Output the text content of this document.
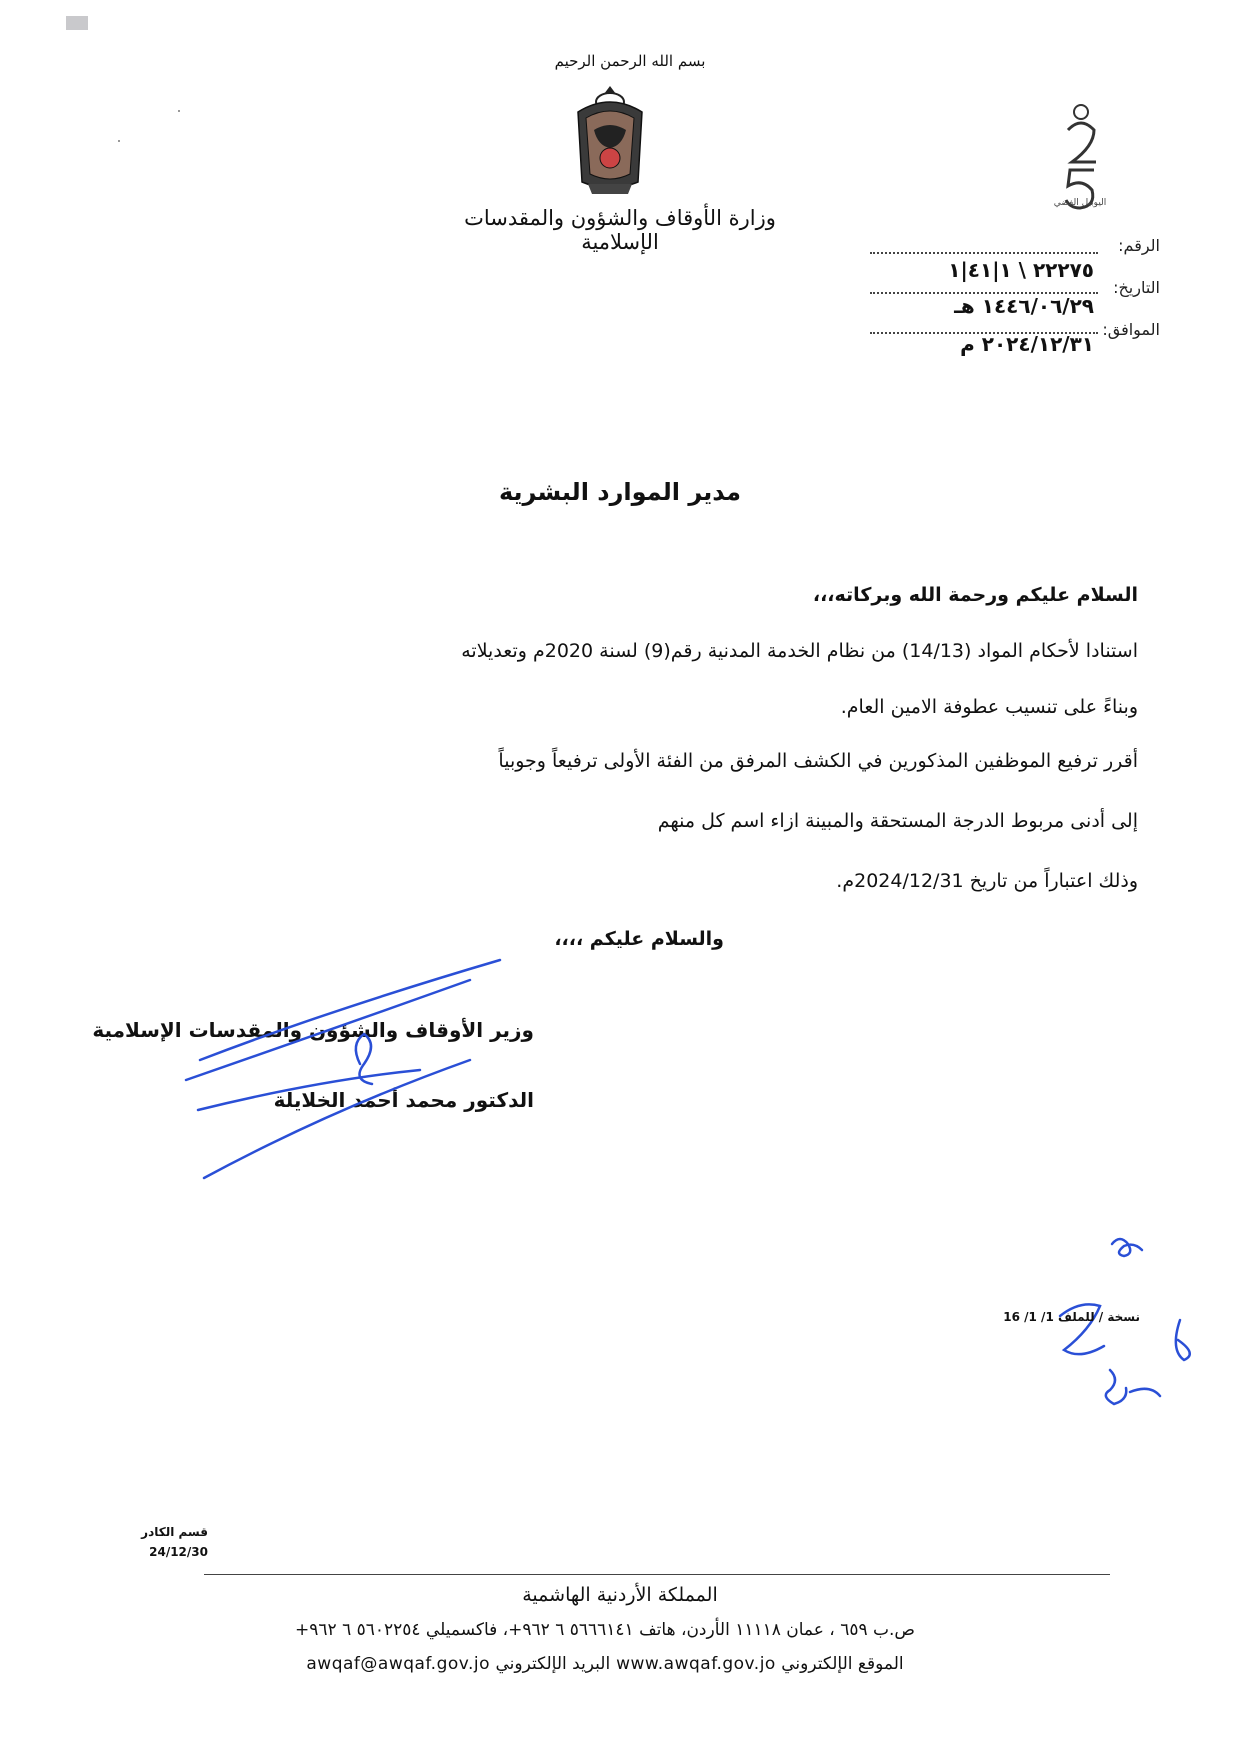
بسم الله الرحمن الرحيم
وزارة الأوقاف والشؤون والمقدسات الإسلامية
اليوبيل الفضي
الرقم:
٢٢٢٧٥ \ ١|٤١|١
التاريخ:
١٤٤٦/٠٦/٢٩ هـ
الموافق:
٢٠٢٤/١٢/٣١ م
مدير الموارد البشرية
السلام عليكم ورحمة الله وبركاته،،،
استنادا لأحكام المواد (14/13) من نظام الخدمة المدنية رقم(9) لسنة 2020م وتعديلاته
وبناءً على تنسيب عطوفة الامين العام.
أقرر ترفيع الموظفين المذكورين في الكشف المرفق من الفئة الأولى ترفيعاً وجوبياً
إلى أدنى مربوط الدرجة المستحقة والمبينة ازاء اسم كل منهم
وذلك اعتباراً من تاريخ 2024/12/31م.
والسلام عليكم ،،،،
وزير الأوقاف والشؤون والمقدسات الإسلامية
الدكتور محمد أحمد الخلايلة
نسخة / للملف 1/ 1/ 16
قسم الكادر
24/12/30
المملكة الأردنية الهاشمية
ص.ب ٦٥٩ ، عمان ١١١١٨ الأردن، هاتف ٥٦٦٦١٤١ ٦ ٩٦٢+، فاكسميلي ٥٦٠٢٢٥٤ ٦ ٩٦٢+
الموقع الإلكتروني www.awqaf.gov.jo البريد الإلكتروني awqaf@awqaf.gov.jo
